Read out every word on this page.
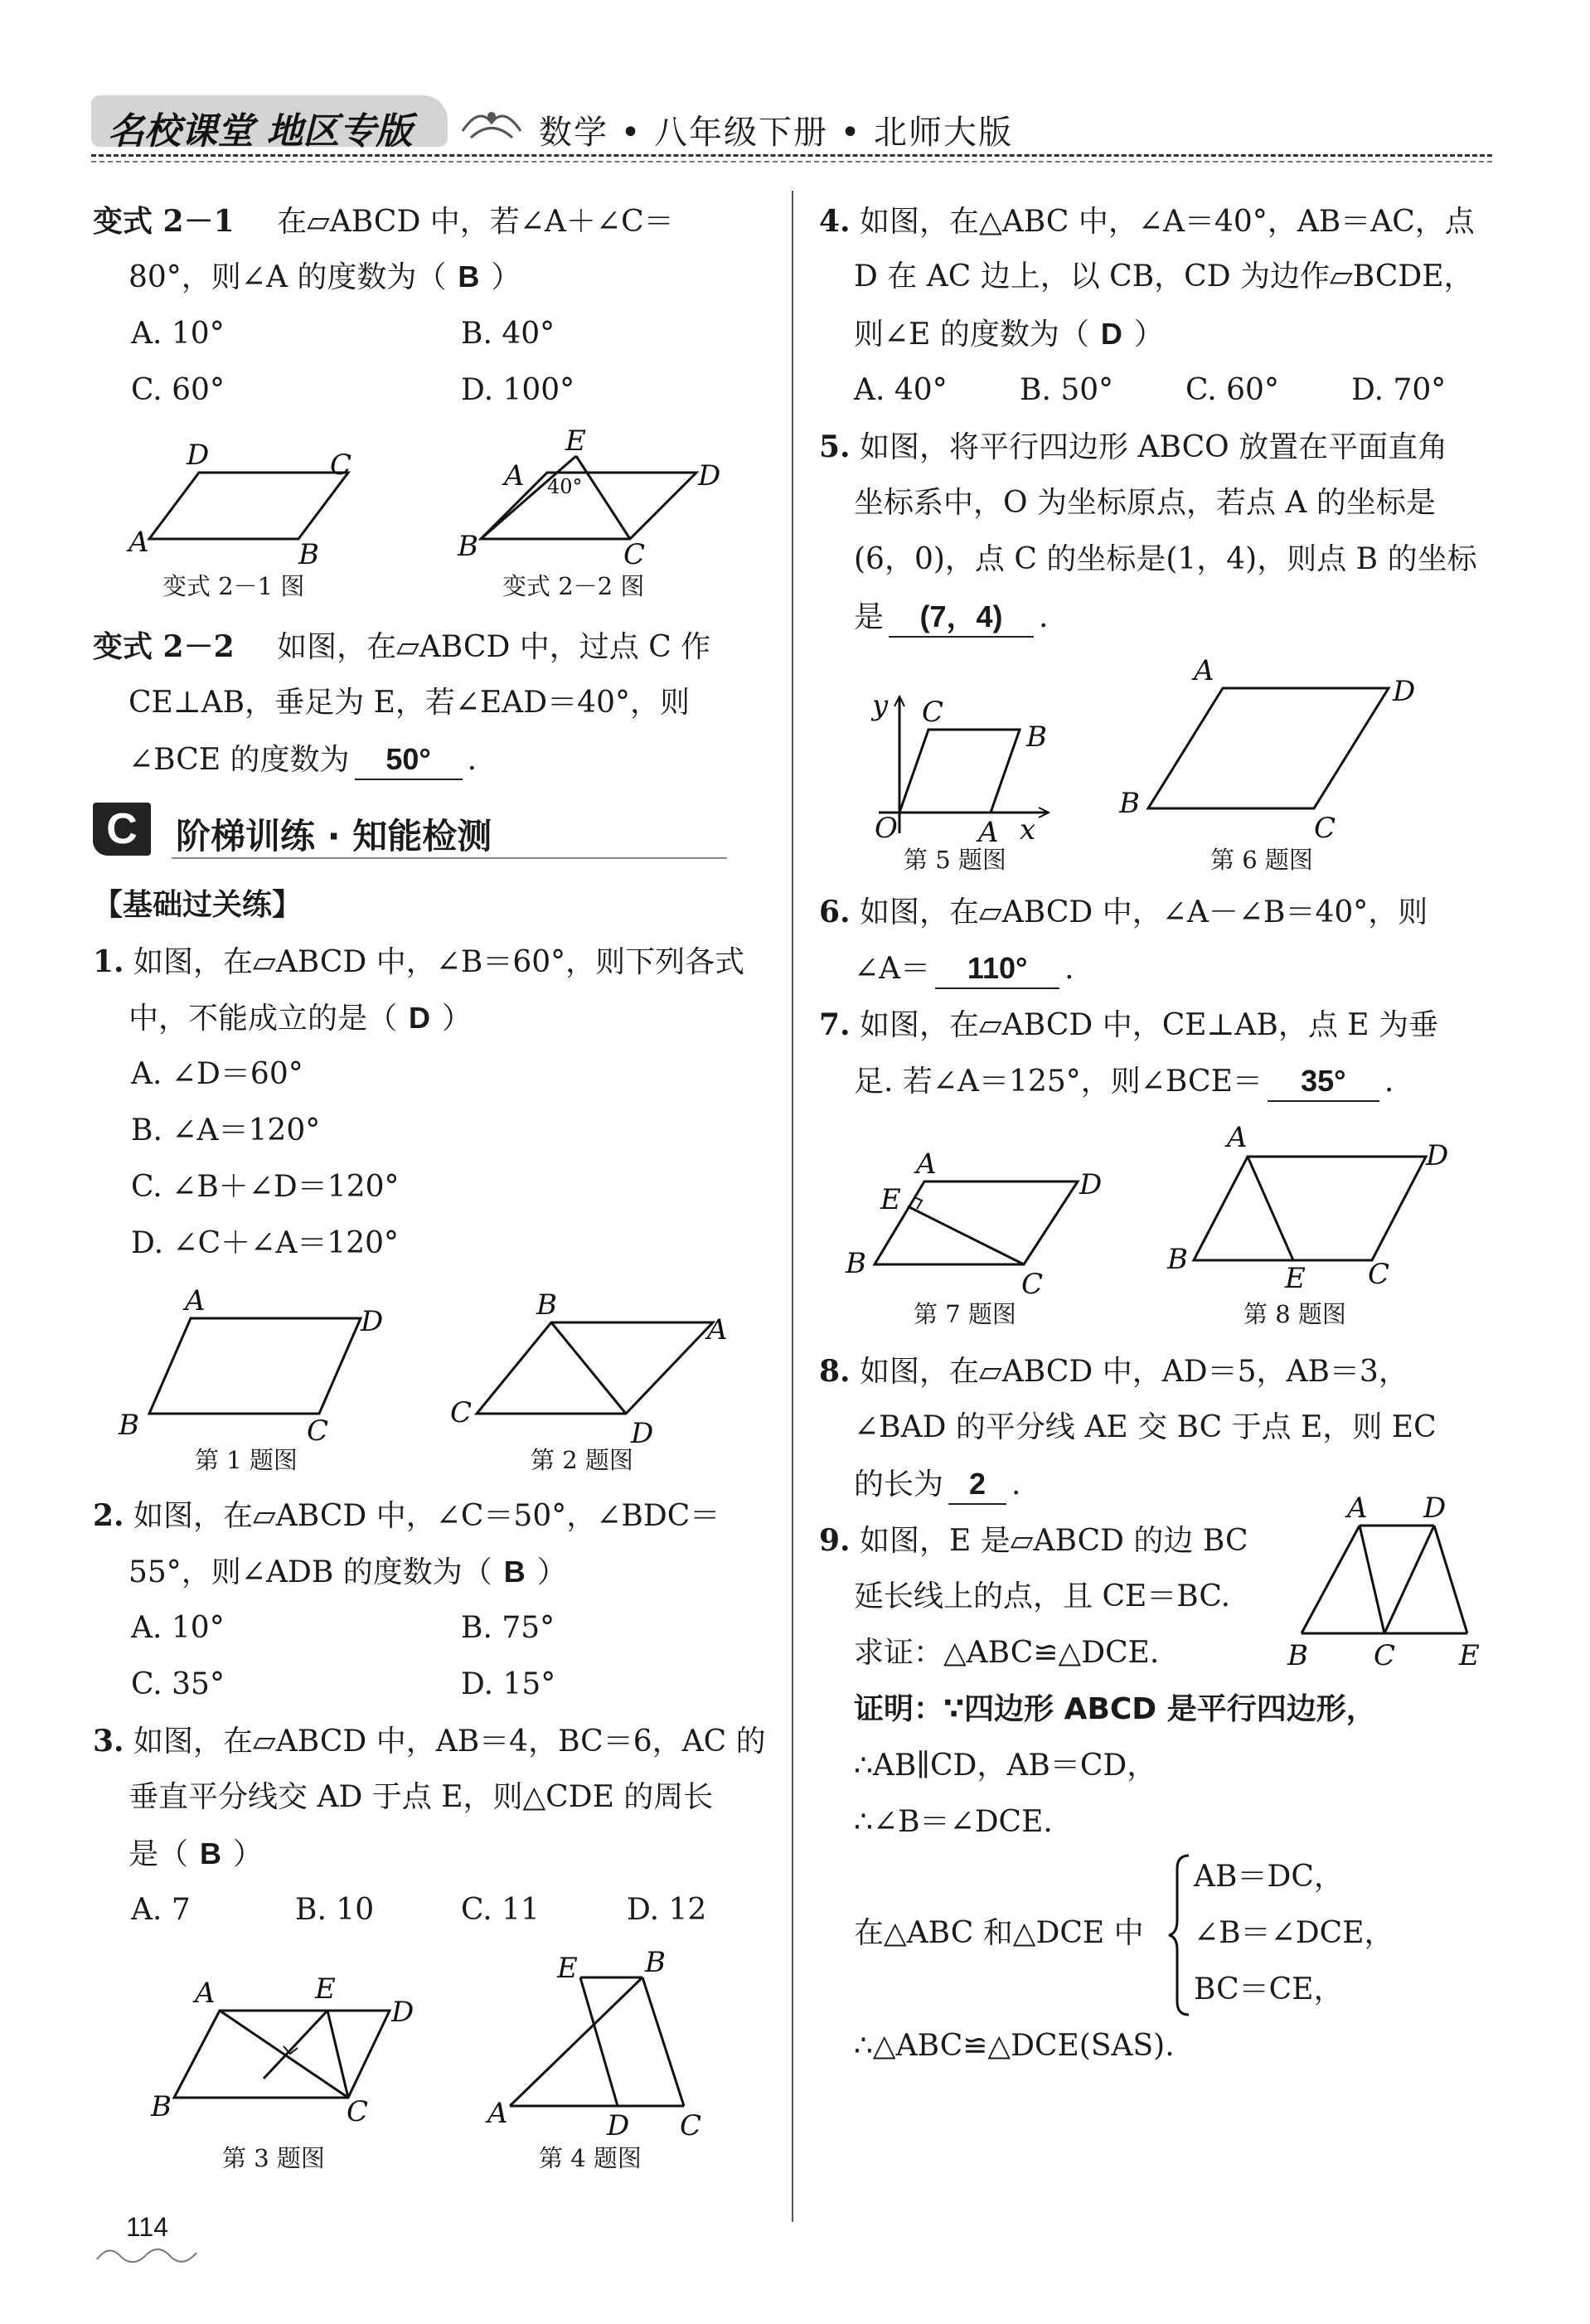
名校课堂 地区专版	数学 • 八年级下册 • 北师大版
变式 2－1 在▱ABCD 中，若∠A＋∠C＝
80°，则∠A 的度数为（ B ）
A. 10°	B. 40°
C. 60°	D. 100°
D	C
A	B
变式 2－1 图
E
A 40°	D
B	C
变式 2－2 图
变式 2－2 如图，在▱ABCD 中，过点 C 作
CE⊥AB，垂足为 E，若∠EAD＝40°，则
∠BCE 的度数为 50° .
C	阶梯训练 · 知能检测
【基础过关练】
1. 如图，在▱ABCD 中，∠B＝60°，则下列各式
中，不能成立的是（ D ）
A. ∠D＝60°
B. ∠A＝120°
C. ∠B＋∠D＝120°
D. ∠C＋∠A＝120°
A
D
B	C
第 1 题图
B
A
C
D
第 2 题图
2. 如图，在▱ABCD 中，∠C＝50°，∠BDC＝
55°，则∠ADB 的度数为（ B ）
A. 10°	B. 75°
C. 35°	D. 15°
3. 如图，在▱ABCD 中，AB＝4，BC＝6，AC 的
垂直平分线交 AD 于点 E，则△CDE 的周长
是（ B ）
A. 7	B. 10	C. 11	D. 12
A	E
D
B	C
第 3 题图
E B
A	D C
第 4 题图
114
4. 如图，在△ABC 中，∠A＝40°，AB＝AC，点
D 在 AC 边上，以 CB，CD 为边作▱BCDE，
则∠E 的度数为（ D ）
A. 40° B. 50° C. 60° D. 70°
5. 如图，将平行四边形 ABCO 放置在平面直角
坐标系中，O 为坐标原点，若点 A 的坐标是
(6，0)，点 C 的坐标是(1，4)，则点 B 的坐标
是 (7，4) .
y C
B
O	A x
第 5 题图
A
D
B
C
第 6 题图
6. 如图，在▱ABCD 中，∠A－∠B＝40°，则
∠A＝ 110° .
7. 如图，在▱ABCD 中，CE⊥AB，点 E 为垂
足. 若∠A＝125°，则∠BCE＝ 35° .
A
D
E
B
C
第 7 题图
A
D
B
E C
第 8 题图
8. 如图，在▱ABCD 中，AD＝5，AB＝3，
∠BAD 的平分线 AE 交 BC 于点 E，则 EC
的长为 2 .
9. 如图，E 是▱ABCD 的边 BC
延长线上的点，且 CE＝BC.
求证：△ABC≌△DCE.
A D
B C E
证明：∵四边形 ABCD 是平行四边形，
∴AB∥CD，AB＝CD，
∴∠B＝∠DCE.
在△ABC 和△DCE 中
AB＝DC，
∠B＝∠DCE，
BC＝CE，
∴△ABC≌△DCE(SAS).
